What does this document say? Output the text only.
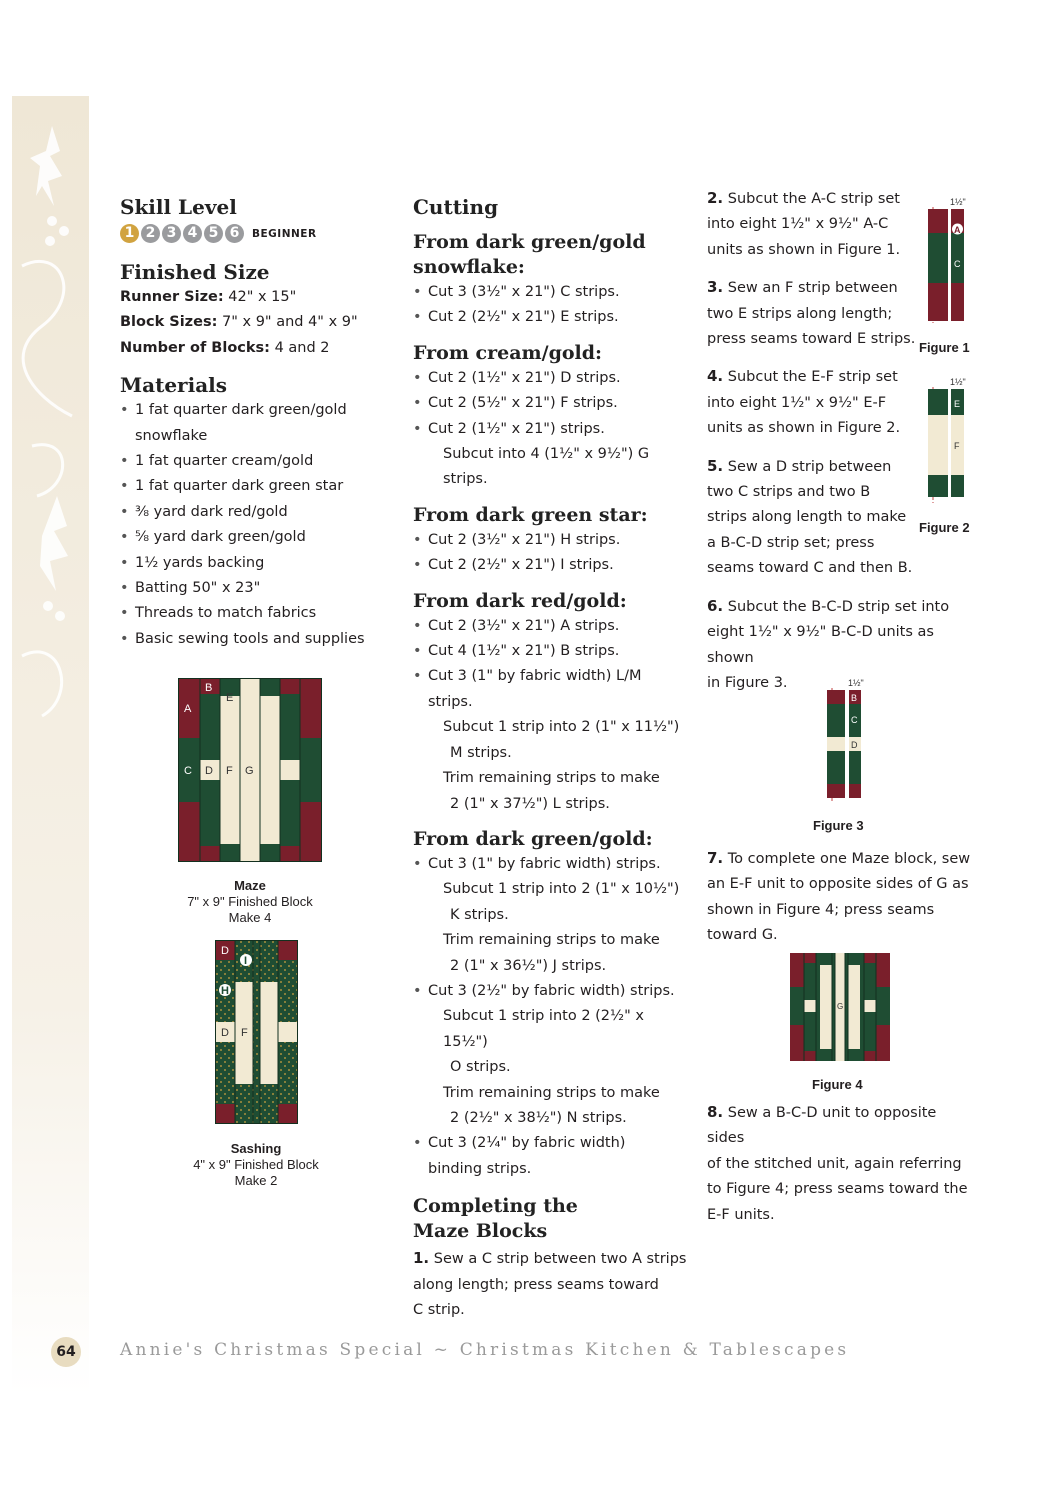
Skill Level
1 2 3 4 5 6	BEGINNER
Finished Size

Runner Size: 42" x 15"

Block Sizes: 7" x 9" and 4" x 9"

Number of Blocks: 4 and 2

Materials
• 1 fat quarter dark green/gold snowflake
• 1 fat quarter cream/gold
• 1 fat quarter dark green star
• ⅜ yard dark red/gold
• ⅝ yard dark green/gold
• 1½ yards backing
• Batting 50" x 23"
• Threads to match fabrics
• Basic sewing tools and supplies
A
B
E
C D F G
Maze
7" x 9" Finished Block
Make 4
D
I
H
D F
Sashing
4" x 9" Finished Block
Make 2
Cutting
From dark green/gold snowflake:
• Cut 3 (3½" x 21") C strips.
• Cut 2 (2½" x 21") E strips.
From cream/gold:
• Cut 2 (1½" x 21") D strips.
• Cut 2 (5½" x 21") F strips.
• Cut 2 (1½" x 21") strips.
Subcut into 4 (1½" x 9½") G strips.
From dark green star:
• Cut 2 (3½" x 21") H strips.
• Cut 2 (2½" x 21") I strips.
From dark red/gold:
• Cut 2 (3½" x 21") A strips.
• Cut 4 (1½" x 21") B strips.
• Cut 3 (1" by fabric width) L/M strips.
Subcut 1 strip into 2 (1" x 11½")
M strips.
Trim remaining strips to make
2 (1" x 37½") L strips.
From dark green/gold:
• Cut 3 (1" by fabric width) strips.
Subcut 1 strip into 2 (1" x 10½")
K strips.
Trim remaining strips to make
2 (1" x 36½") J strips.
• Cut 3 (2½" by fabric width) strips.
Subcut 1 strip into 2 (2½" x 15½")
O strips.
Trim remaining strips to make
2 (2½" x 38½") N strips.
• Cut 3 (2¼" by fabric width)
binding strips.
Completing the
Maze Blocks

1. Sew a C strip between two A strips
along length; press seams toward
C strip.

2. Subcut the A-C strip set
into eight 1½" x 9½" A-C
units as shown in Figure 1.

3. Sew an F strip between
two E strips along length;
press seams toward E strips.

4. Subcut the E-F strip set
into eight 1½" x 9½" E-F
units as shown in Figure 2.

5. Sew a D strip between
two C strips and two B
strips along length to make
a B-C-D strip set; press
seams toward C and then B.

6. Subcut the B-C-D strip set into
eight 1½" x 9½" B-C-D units as shown
in Figure 3.

1½"
A
C
Figure 1
1½"
E
F
Figure 2
1½"
B
C
D
Figure 3

7. To complete one Maze block, sew
an E-F unit to opposite sides of G as
shown in Figure 4; press seams
toward G.

G
Figure 4

8. Sew a B-C-D unit to opposite sides
of the stitched unit, again referring
to Figure 4; press seams toward the
E-F units.

64	Annie's Christmas Special ~ Christmas Kitchen & Tablescapes
